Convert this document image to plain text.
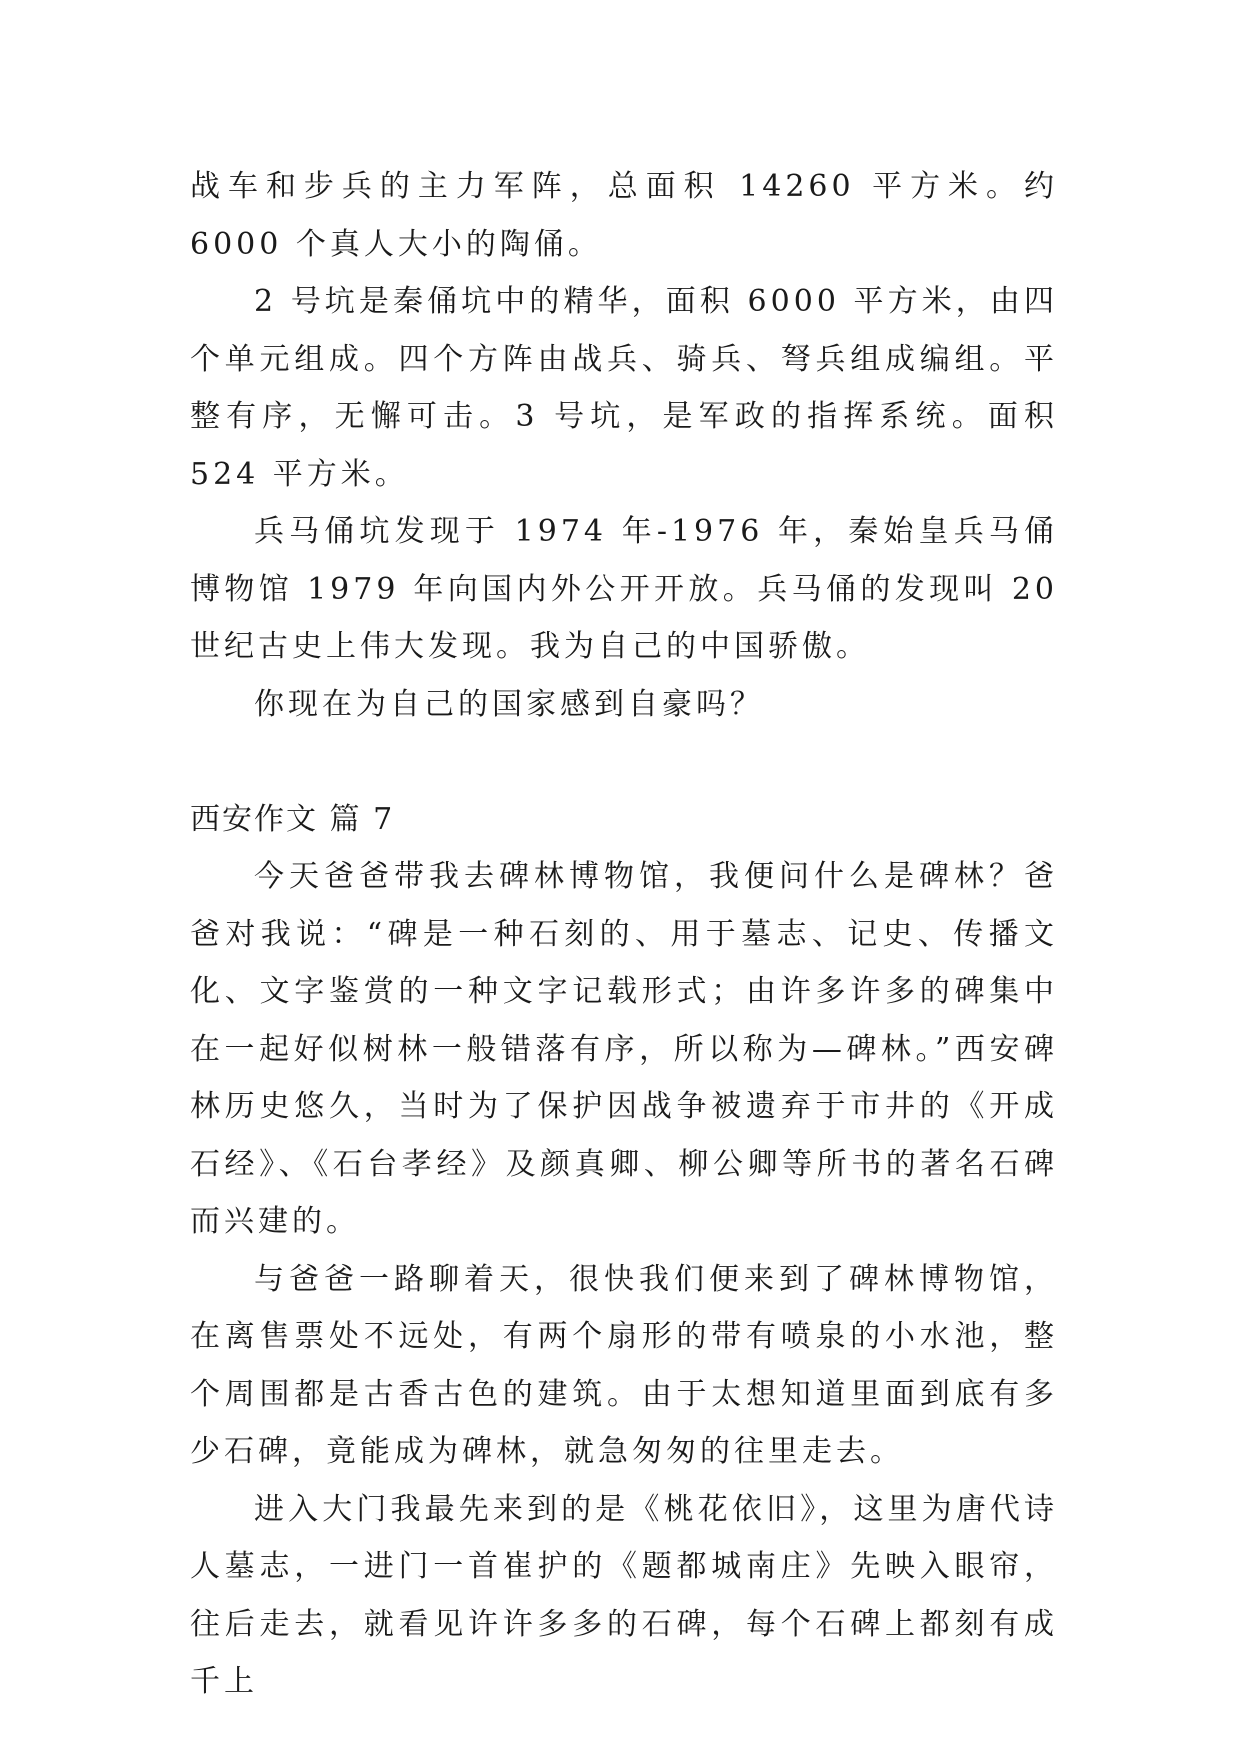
战车和步兵的主力军阵，总面积 14260 平方米。约 6000 个真人大小的陶俑。

2 号坑是秦俑坑中的精华，面积 6000 平方米，由四个单元组成。四个方阵由战兵、骑兵、弩兵组成编组。平整有序，无懈可击。3 号坑，是军政的指挥系统。面积 524 平方米。

兵马俑坑发现于 1974 年-1976 年，秦始皇兵马俑博物馆 1979 年向国内外公开开放。兵马俑的发现叫 20 世纪古史上伟大发现。我为自己的中国骄傲。

你现在为自己的国家感到自豪吗？

西安作文 篇 7

今天爸爸带我去碑林博物馆，我便问什么是碑林？爸爸对我说：“碑是一种石刻的、用于墓志、记史、传播文化、文字鉴赏的一种文字记载形式；由许多许多的碑集中在一起好似树林一般错落有序，所以称为—碑林。”西安碑林历史悠久，当时为了保护因战争被遗弃于市井的《开成石经》、《石台孝经》及颜真卿、柳公卿等所书的著名石碑而兴建的。

与爸爸一路聊着天，很快我们便来到了碑林博物馆，在离售票处不远处，有两个扇形的带有喷泉的小水池，整个周围都是古香古色的建筑。由于太想知道里面到底有多少石碑，竟能成为碑林，就急匆匆的往里走去。

进入大门我最先来到的是《桃花依旧》，这里为唐代诗人墓志，一进门一首崔护的《题都城南庄》先映入眼帘，往后走去，就看见许许多多的石碑，每个石碑上都刻有成千上
